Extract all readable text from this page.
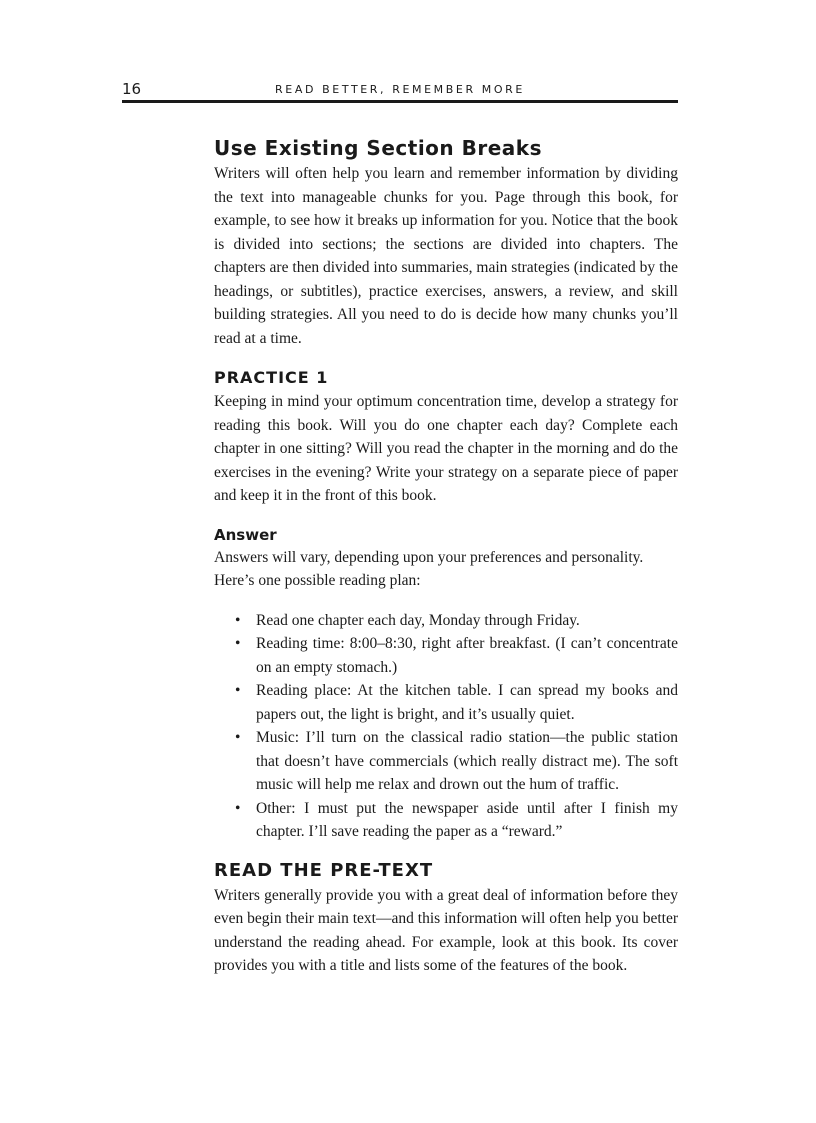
16	READ BETTER, REMEMBER MORE
Use Existing Section Breaks

Writers will often help you learn and remember information by dividing the text into manageable chunks for you. Page through this book, for example, to see how it breaks up information for you. Notice that the book is divided into sections; the sections are divided into chapters. The chapters are then divided into summaries, main strategies (indicated by the headings, or subtitles), practice exercises, answers, a review, and skill building strategies. All you need to do is decide how many chunks you’ll read at a time.

PRACTICE 1

Keeping in mind your optimum concentration time, develop a strategy for reading this book. Will you do one chapter each day? Complete each chapter in one sitting? Will you read the chapter in the morning and do the exercises in the evening? Write your strategy on a separate piece of paper and keep it in the front of this book.

Answer

Answers will vary, depending upon your preferences and personality. Here’s one possible reading plan:

• Read one chapter each day, Monday through Friday.
• Reading time: 8:00–8:30, right after breakfast. (I can’t concentrate on an empty stomach.)
• Reading place: At the kitchen table. I can spread my books and papers out, the light is bright, and it’s usually quiet.
• Music: I’ll turn on the classical radio station—the public station that doesn’t have commercials (which really distract me). The soft music will help me relax and drown out the hum of traffic.
• Other: I must put the newspaper aside until after I finish my chapter. I’ll save reading the paper as a “reward.”
READ THE PRE-TEXT

Writers generally provide you with a great deal of information before they even begin their main text—and this information will often help you better understand the reading ahead. For example, look at this book. Its cover provides you with a title and lists some of the features of the book.
